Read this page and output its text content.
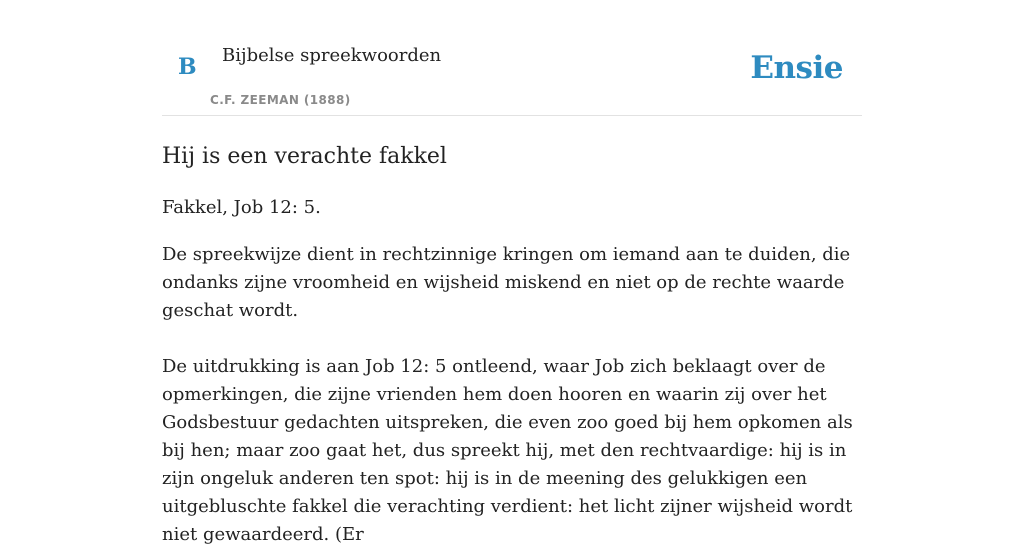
B Bijbelse spreekwoorden
C.F. ZEEMAN (1888)
Ensie
Hij is een verachte fakkel

Fakkel, Job 12: 5.

De spreekwijze dient in rechtzinnige kringen om iemand aan te duiden, die ondanks zijne vroomheid en wijsheid miskend en niet op de rechte waarde geschat wordt.

De uitdrukking is aan Job 12: 5 ontleend, waar Job zich beklaagt over de opmerkingen, die zijne vrienden hem doen hooren en waarin zij over het Godsbestuur gedachten uitspreken, die even zoo goed bij hem opkomen als bij hen; maar zoo gaat het, dus spreekt hij, met den rechtvaardige: hij is in zijn ongeluk anderen ten spot: hij is in de meening des gelukkigen een uitgebluschte fakkel die verachting verdient: het licht zijner wijsheid wordt niet gewaardeerd. (Er
